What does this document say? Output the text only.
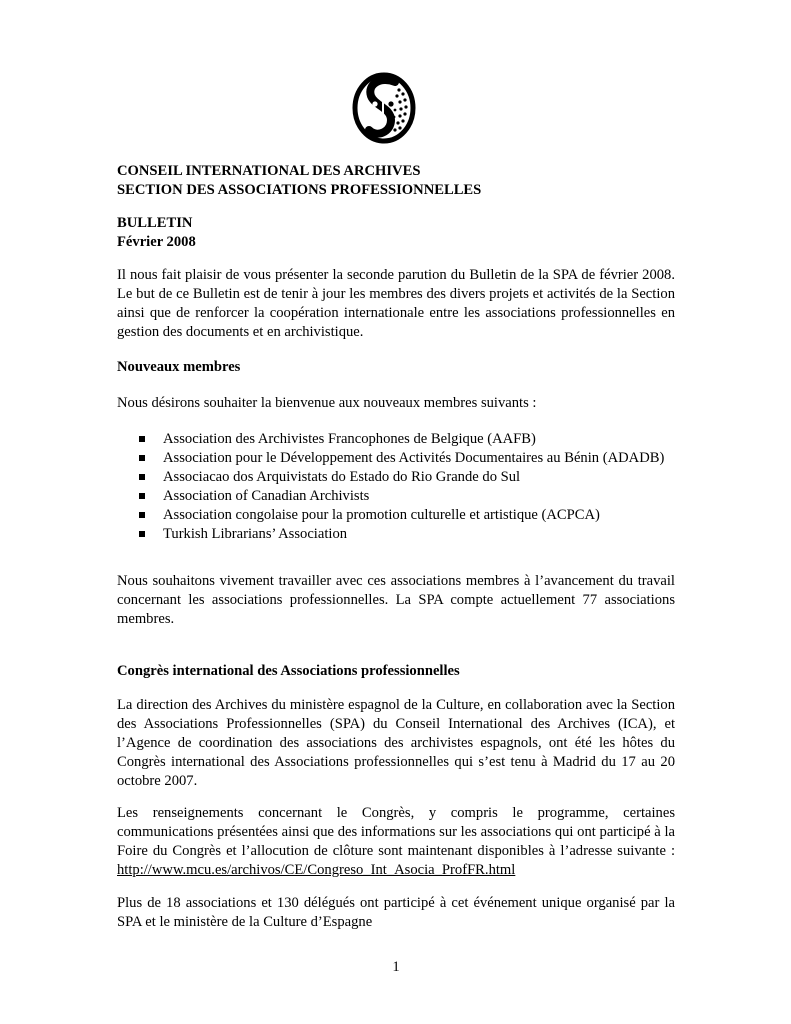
CONSEIL INTERNATIONAL DES ARCHIVES
SECTION DES ASSOCIATIONS PROFESSIONNELLES
BULLETIN
Février 2008

Il nous fait plaisir de vous présenter la seconde parution du Bulletin de la SPA de février 2008. Le but de ce Bulletin est de tenir à jour les membres des divers projets et activités de la Section ainsi que de renforcer la coopération internationale entre les associations professionnelles en gestion des documents et en archivistique.

Nouveaux membres
Nous désirons souhaiter la bienvenue aux nouveaux membres suivants :
Association des Archivistes Francophones de Belgique (AAFB)
Association pour le Développement des Activités Documentaires au Bénin (ADADB)
Associacao dos Arquivistats do Estado do Rio Grande do Sul
Association of Canadian Archivists
Association congolaise pour la promotion culturelle et artistique (ACPCA)
Turkish Librarians’ Association

Nous souhaitons vivement travailler avec ces associations membres à l’avancement du travail concernant les associations professionnelles. La SPA compte actuellement 77 associations membres.

Congrès international des Associations professionnelles

La direction des Archives du ministère espagnol de la Culture, en collaboration avec la Section des Associations Professionnelles (SPA) du Conseil International des Archives (ICA), et l’Agence de coordination des associations des archivistes espagnols, ont été les hôtes du Congrès international des Associations professionnelles qui s’est tenu à Madrid du 17 au 20 octobre 2007.

Les renseignements concernant le Congrès, y compris le programme, certaines communications présentées ainsi que des informations sur les associations qui ont participé à la Foire du Congrès et l’allocution de clôture sont maintenant disponibles à l’adresse suivante : http://www.mcu.es/archivos/CE/Congreso_Int_Asocia_ProfFR.html

Plus de 18 associations et 130 délégués ont participé à cet événement unique organisé par la SPA et le ministère de la Culture d’Espagne

1
